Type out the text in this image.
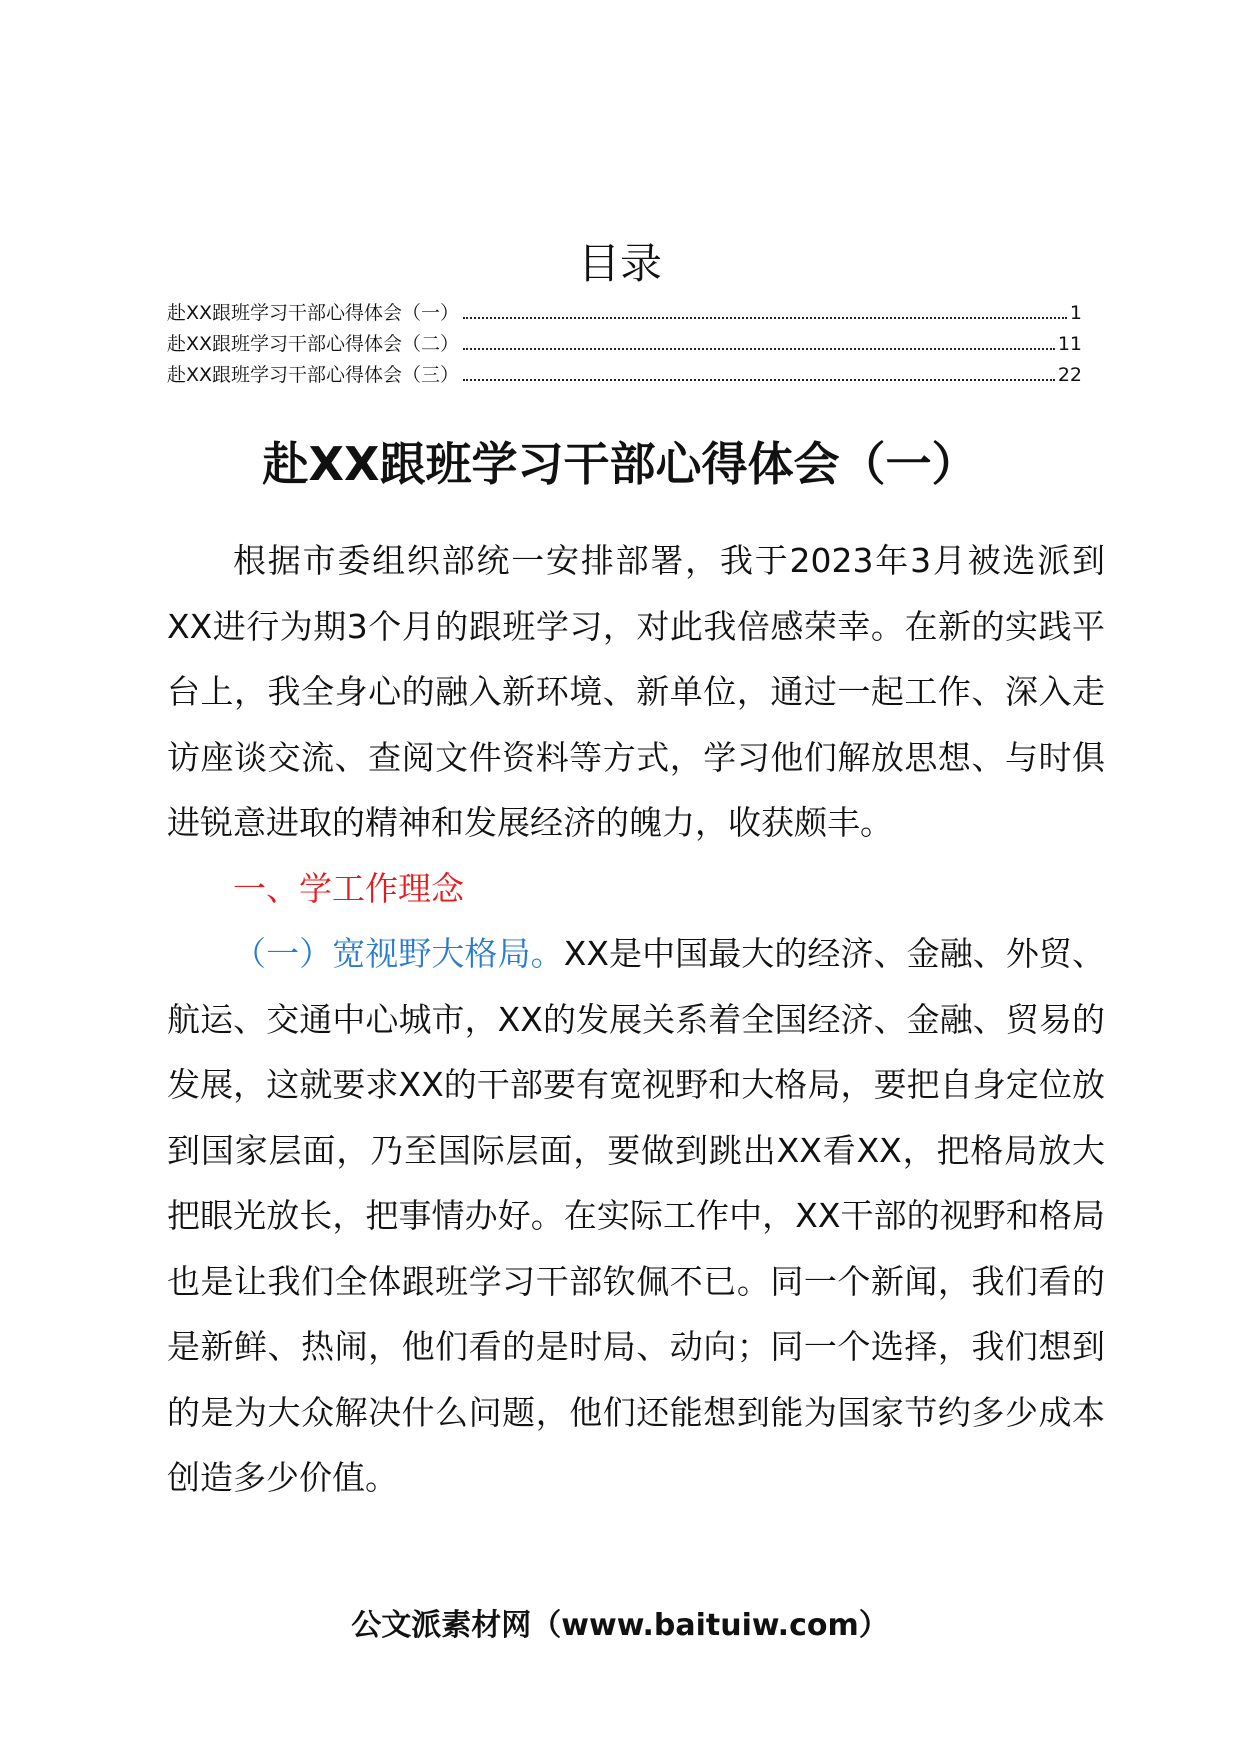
目录
赴XX跟班学习干部心得体会（一）	1
赴XX跟班学习干部心得体会（二）	11
赴XX跟班学习干部心得体会（三）	22
赴XX跟班学习干部心得体会（一）

根据市委组织部统一安排部署，我于2023年3月被选派到XX进行为期3个月的跟班学习，对此我倍感荣幸。在新的实践平台上，我全身心的融入新环境、新单位，通过一起工作、深入走访座谈交流、查阅文件资料等方式，学习他们解放思想、与时俱进锐意进取的精神和发展经济的魄力，收获颇丰。

一、学工作理念

（一）宽视野大格局。XX是中国最大的经济、金融、外贸、航运、交通中心城市，XX的发展关系着全国经济、金融、贸易的发展，这就要求XX的干部要有宽视野和大格局，要把自身定位放到国家层面，乃至国际层面，要做到跳出XX看XX，把格局放大把眼光放长，把事情办好。在实际工作中，XX干部的视野和格局也是让我们全体跟班学习干部钦佩不已。同一个新闻，我们看的是新鲜、热闹，他们看的是时局、动向；同一个选择，我们想到的是为大众解决什么问题，他们还能想到能为国家节约多少成本创造多少价值。

公文派素材网（www.baituiw.com）
